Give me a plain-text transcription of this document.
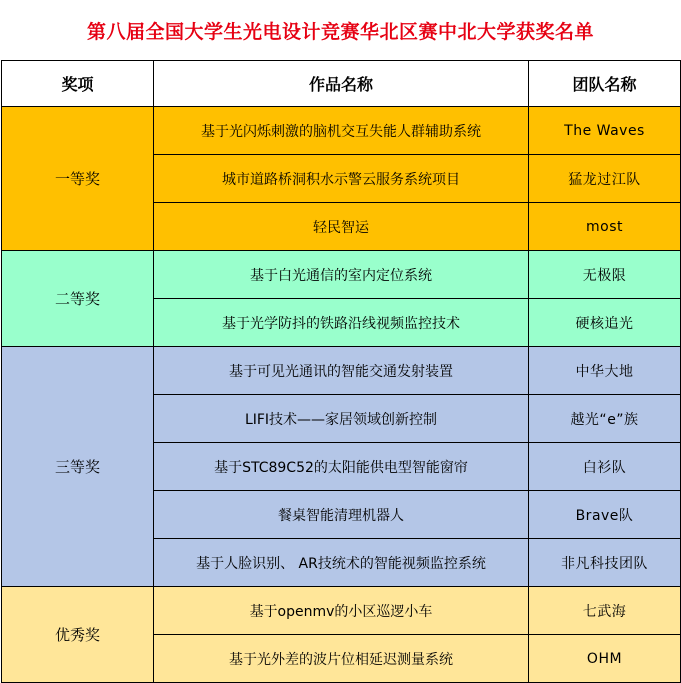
第八届全国大学生光电设计竞赛华北区赛中北大学获奖名单
奖项	作品名称	团队名称
一等奖	基于光闪烁刺激的脑机交互失能人群辅助系统	The Waves
	城市道路桥洞积水示警云服务系统项目	猛龙过江队
	轻民智运	most
二等奖	基于白光通信的室内定位系统	无极限
	基于光学防抖的铁路沿线视频监控技术	硬核追光
三等奖	基于可见光通讯的智能交通发射装置	中华大地
	LIFI技术——家居领域创新控制	越光“e”族
	基于STC89C52的太阳能供电型智能窗帘	白衫队
	餐桌智能清理机器人	Brave队
	基于人脸识别、 AR技统术的智能视频监控系统	非凡科技团队
优秀奖	基于openmv的小区巡逻小车	七武海
	基于光外差的波片位相延迟测量系统	OHM
